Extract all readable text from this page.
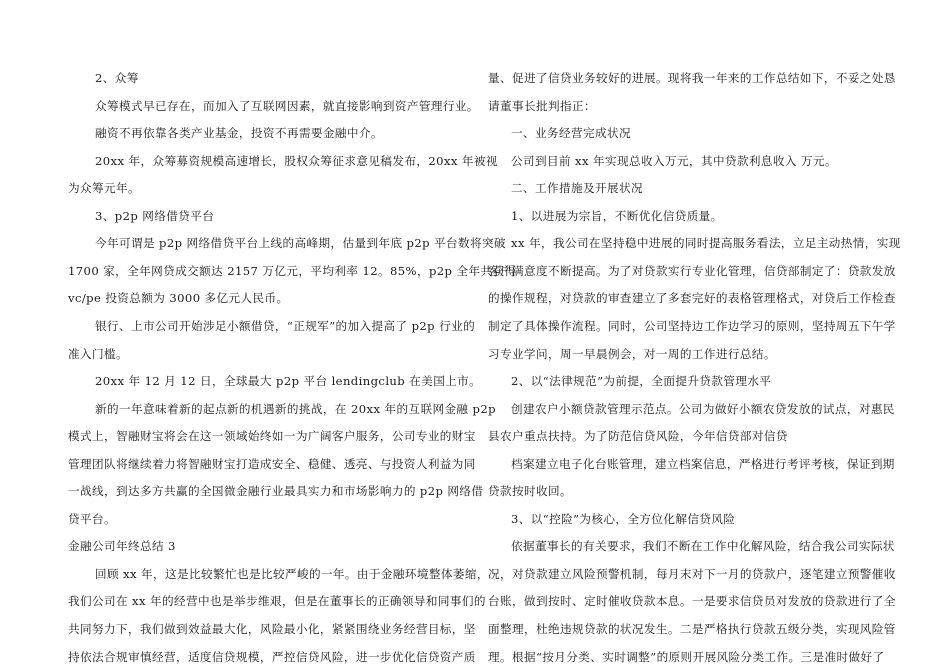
2、众筹
众筹模式早已存在，而加入了互联网因素，就直接影响到资产管理行业。
融资不再依靠各类产业基金，投资不再需要金融中介。
20xx 年，众筹募资规模高速增长，股权众筹征求意见稿发布，20xx 年被视
为众筹元年。
3、p2p 网络借贷平台
今年可谓是 p2p 网络借贷平台上线的高峰期，估量到年底 p2p 平台数将突破
1700 家，全年网贷成交额达 2157 万亿元，平均利率 12。85%，p2p 全年共获得
vc/pe 投资总额为 3000 多亿元人民币。
银行、上市公司开始涉足小额借贷，“正规军”的加入提高了 p2p 行业的
准入门槛。
20xx 年 12 月 12 日，全球最大 p2p 平台 lendingclub 在美国上市。
新的一年意味着新的起点新的机遇新的挑战，在 20xx 年的互联网金融 p2p
模式上，智融财宝将会在这一领域始终如一为广阔客户服务，公司专业的财宝
管理团队将继续着力将智融财宝打造成安全、稳健、透亮、与投资人利益为同
一战线，到达多方共赢的全国微金融行业最具实力和市场影响力的 p2p 网络借
贷平台。
金融公司年终总结 3
回顾 xx 年，这是比较繁忙也是比较严峻的一年。由于金融环境整体萎缩，
我们公司在 xx 年的经营中也是举步维艰，但是在董事长的正确领导和同事们的
共同努力下，我们做到效益最大化，风险最小化，紧紧围绕业务经营目标，坚
持依法合规审慎经营，适度信贷规模，严控信贷风险，进一步优化信贷资产质
量、促进了信贷业务较好的进展。现将我一年来的工作总结如下，不妥之处恳
请董事长批判指正：
一、业务经营完成状况
公司到目前 xx 年实现总收入万元，其中贷款利息收入 万元。
二、工作措施及开展状况
1、以进展为宗旨，不断优化信贷质量。
xx 年，我公司在坚持稳中进展的同时提高服务看法，立足主动热情，实现
客户满意度不断提高。为了对贷款实行专业化管理，信贷部制定了：贷款发放
的操作规程，对贷款的审查建立了多套完好的表格管理格式，对贷后工作检查
制定了具体操作流程。同时，公司坚持边工作边学习的原则，坚持周五下午学
习专业学问，周一早晨例会，对一周的工作进行总结。
2、以“法律规范”为前提，全面提升贷款管理水平
创建农户小额贷款管理示范点。公司为做好小额农贷发放的试点，对惠民
县农户重点扶持。为了防范信贷风险，今年信贷部对信贷
档案建立电子化台账管理，建立档案信息，严格进行考评考核，保证到期
贷款按时收回。
3、以“控险”为核心，全方位化解信贷风险
依据董事长的有关要求，我们不断在工作中化解风险，结合我公司实际状
况，对贷款建立风险预警机制，每月末对下一月的贷款户，逐笔建立预警催收
台账，做到按时、定时催收贷款本息。一是要求信贷员对发放的贷款进行了全
面整理，杜绝违规贷款的状况发生。二是严格执行贷款五级分类，实现风险管
理。根据“按月分类、实时调整”的原则开展风险分类工作。三是准时做好了
